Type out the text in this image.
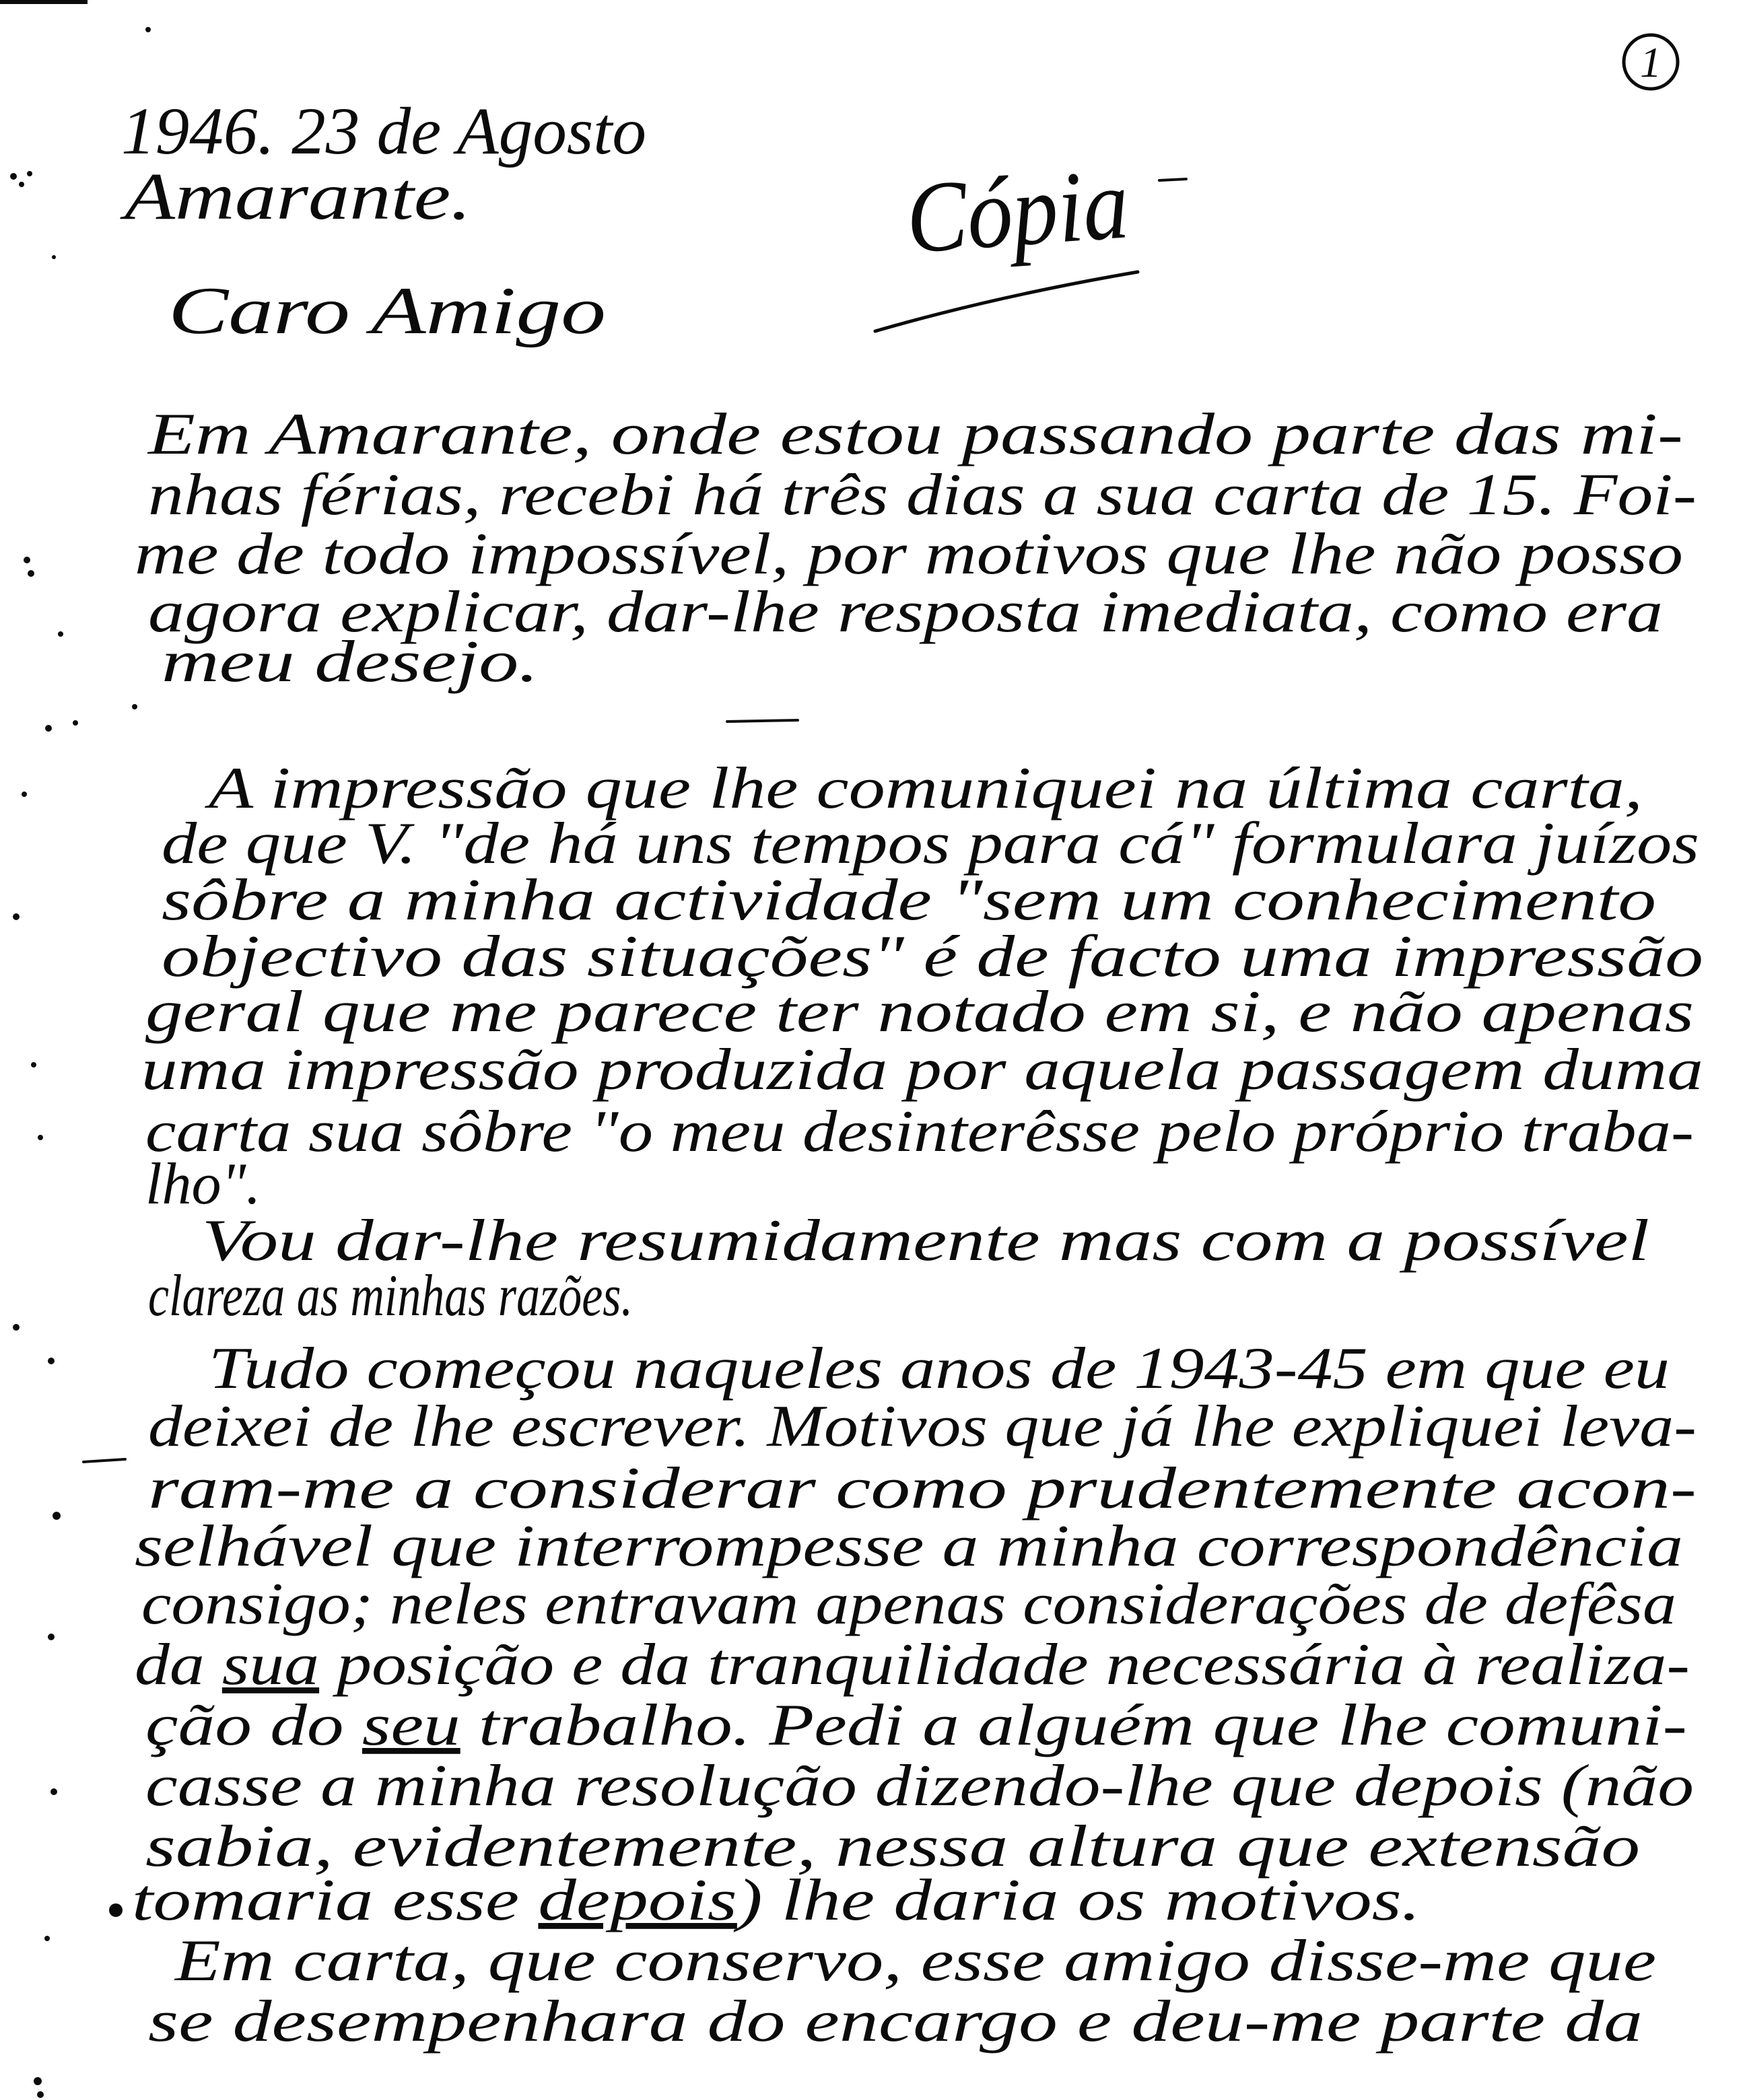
1
1946. 23 de Agosto
Amarante.	Cópia
Caro Amigo
Em Amarante, onde estou passando parte das mi-
nhas férias, recebi há três dias a sua carta de 15. Foi-
me de todo impossível, por motivos que lhe não posso
agora explicar, dar-lhe resposta imediata, como era
meu desejo.
A impressão que lhe comuniquei na última carta,
de que V. "de há uns tempos para cá" formulara juízos
sôbre a minha actividade "sem um conhecimento
objectivo das situações" é de facto uma impressão
geral que me parece ter notado em si, e não apenas
uma impressão produzida por aquela passagem duma
carta sua sôbre "o meu desinterêsse pelo próprio traba-
lho".
Vou dar-lhe resumidamente mas com a possível
clareza as minhas razões.
Tudo começou naqueles anos de 1943-45 em que eu
deixei de lhe escrever. Motivos que já lhe expliquei leva-
ram-me a considerar como prudentemente acon-
selhável que interrompesse a minha correspondência
consigo; neles entravam apenas considerações de defêsa
da sua posição e da tranquilidade necessária à realiza-
ção do seu trabalho. Pedi a alguém que lhe comuni-
casse a minha resolução dizendo-lhe que depois (não
sabia, evidentemente, nessa altura que extensão
tomaria esse depois ) lhe daria os motivos.
Em carta, que conservo, esse amigo disse-me que
se desempenhara do encargo e deu-me parte da
